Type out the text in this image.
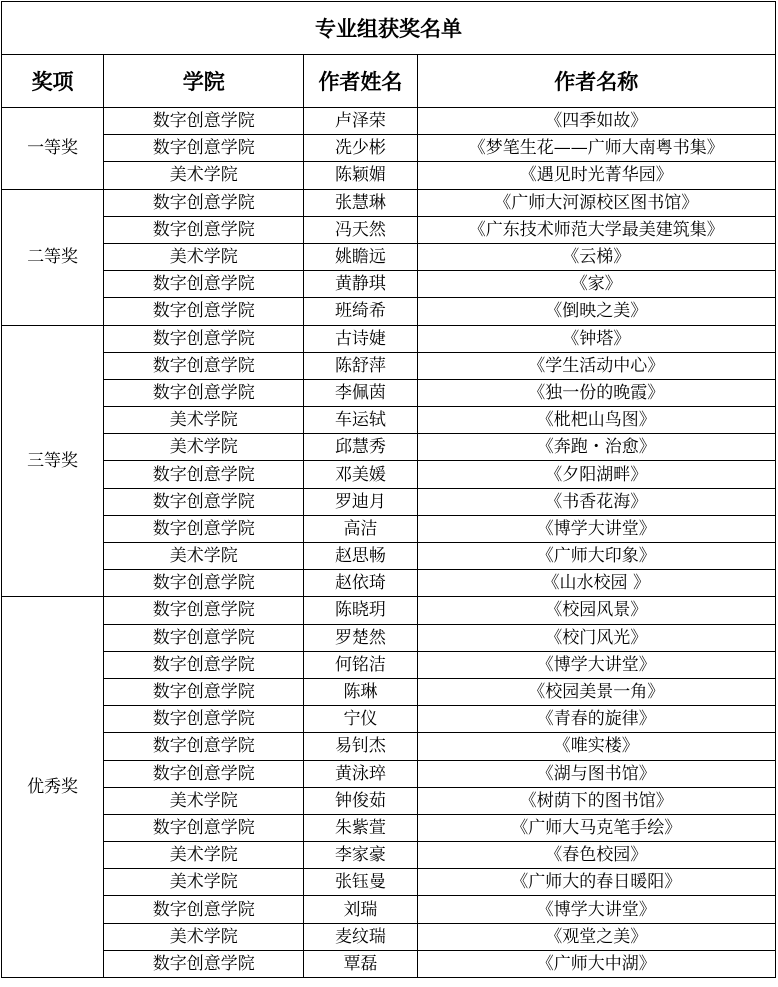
专业组获奖名单			
奖项	学院	作者姓名	作者名称
一等奖	数字创意学院	卢泽荣	《四季如故》
	数字创意学院	冼少彬	《梦笔生花——广师大南粤书集》
	美术学院	陈颖媚	《遇见时光菁华园》
二等奖	数字创意学院	张慧琳	《广师大河源校区图书馆》
	数字创意学院	冯天然	《广东技术师范大学最美建筑集》
	美术学院	姚瞻远	《云梯》
	数字创意学院	黄静琪	《家》
	数字创意学院	班绮希	《倒映之美》
三等奖	数字创意学院	古诗婕	《钟塔》
	数字创意学院	陈舒萍	《学生活动中心》
	数字创意学院	李佩茵	《独一份的晚霞》
	美术学院	车运轼	《枇杷山鸟图》
	美术学院	邱慧秀	《奔跑・治愈》
	数字创意学院	邓美媛	《夕阳湖畔》
	数字创意学院	罗迪月	《书香花海》
	数字创意学院	高洁	《博学大讲堂》
	美术学院	赵思畅	《广师大印象》
	数字创意学院	赵依琦	《山水校园 》
优秀奖	数字创意学院	陈晓玥	《校园风景》
	数字创意学院	罗楚然	《校门风光》
	数字创意学院	何铭洁	《博学大讲堂》
	数字创意学院	陈琳	《校园美景一角》
	数字创意学院	宁仪	《青春的旋律》
	数字创意学院	易钊杰	《唯实楼》
	数字创意学院	黄泳琗	《湖与图书馆》
	美术学院	钟俊茹	《树荫下的图书馆》
	数字创意学院	朱紫萱	《广师大马克笔手绘》
	美术学院	李家豪	《春色校园》
	美术学院	张钰曼	《广师大的春日暖阳》
	数字创意学院	刘瑞	《博学大讲堂》
	美术学院	麦纹瑞	《观堂之美》
	数字创意学院	覃磊	《广师大中湖》
